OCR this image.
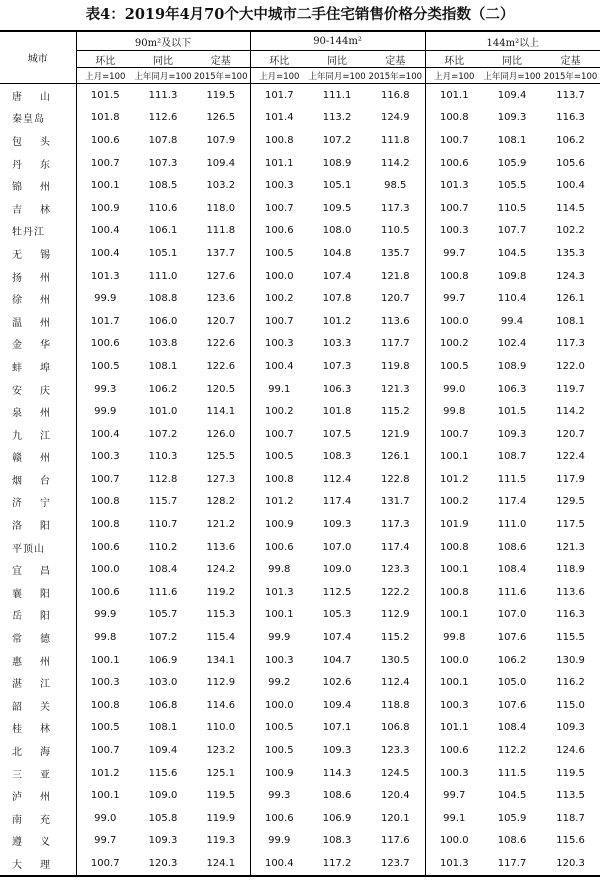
表4：2019年4月70个大中城市二手住宅销售价格分类指数（二）
城市	90m²及以下			90-144m²			144m²以上		
	环比	同比	定基	环比	同比	定基	环比	同比	定基
	上月=100	上年同月=100	2015年=100	上月=100	上年同月=100	2015年=100	上月=100	上年同月=100	2015年=100
唐山	101.5	111.3	119.5	101.7	111.1	116.8	101.1	109.4	113.7
秦皇岛	101.8	112.6	126.5	101.4	113.2	124.9	100.8	109.3	116.3
包头	100.6	107.8	107.9	100.8	107.2	111.8	100.7	108.1	106.2
丹东	100.7	107.3	109.4	101.1	108.9	114.2	100.6	105.9	105.6
锦州	100.1	108.5	103.2	100.3	105.1	98.5	101.3	105.5	100.4
吉林	100.9	110.6	118.0	100.7	109.5	117.3	100.7	110.5	114.5
牡丹江	100.4	106.1	111.8	100.6	108.0	110.5	100.3	107.7	102.2
无锡	100.4	105.1	137.7	100.5	104.8	135.7	99.7	104.5	135.3
扬州	101.3	111.0	127.6	100.0	107.4	121.8	100.8	109.8	124.3
徐州	99.9	108.8	123.6	100.2	107.8	120.7	99.7	110.4	126.1
温州	101.7	106.0	120.7	100.7	101.2	113.6	100.0	99.4	108.1
金华	100.6	103.8	122.6	100.3	103.3	117.7	100.2	102.4	117.3
蚌埠	100.5	108.1	122.6	100.4	107.3	119.8	100.5	108.9	122.0
安庆	99.3	106.2	120.5	99.1	106.3	121.3	99.0	106.3	119.7
泉州	99.9	101.0	114.1	100.2	101.8	115.2	99.8	101.5	114.2
九江	100.4	107.2	126.0	100.7	107.5	121.9	100.7	109.3	120.7
赣州	100.3	110.3	125.5	100.5	108.3	126.1	100.1	108.7	122.4
烟台	100.7	112.8	127.3	100.8	112.4	122.8	101.2	111.5	117.9
济宁	100.8	115.7	128.2	101.2	117.4	131.7	100.2	117.4	129.5
洛阳	100.8	110.7	121.2	100.9	109.3	117.3	101.9	111.0	117.5
平顶山	100.6	110.2	113.6	100.6	107.0	117.4	100.8	108.6	121.3
宜昌	100.0	108.4	124.2	99.8	109.0	123.3	100.1	108.4	118.9
襄阳	100.6	111.6	119.2	101.3	112.5	122.2	100.8	111.6	113.6
岳阳	99.9	105.7	115.3	100.1	105.3	112.9	100.1	107.0	116.3
常德	99.8	107.2	115.4	99.9	107.4	115.2	99.8	107.6	115.5
惠州	100.1	106.9	134.1	100.3	104.7	130.5	100.0	106.2	130.9
湛江	100.3	103.0	112.9	99.2	102.6	112.4	100.1	105.0	116.2
韶关	100.8	106.8	114.6	100.0	109.4	118.8	100.3	107.6	115.0
桂林	100.5	108.1	110.0	100.5	107.1	106.8	101.1	108.4	109.3
北海	100.7	109.4	123.2	100.5	109.3	123.3	100.6	112.2	124.6
三亚	101.2	115.6	125.1	100.9	114.3	124.5	100.3	111.5	119.5
泸州	100.1	109.0	119.5	99.3	108.6	120.4	99.7	104.5	113.5
南充	99.0	105.8	119.9	100.6	106.9	120.1	99.1	105.9	118.7
遵义	99.7	109.3	119.3	99.9	108.3	117.6	100.0	108.6	115.6
大理	100.7	120.3	124.1	100.4	117.2	123.7	101.3	117.7	120.3
